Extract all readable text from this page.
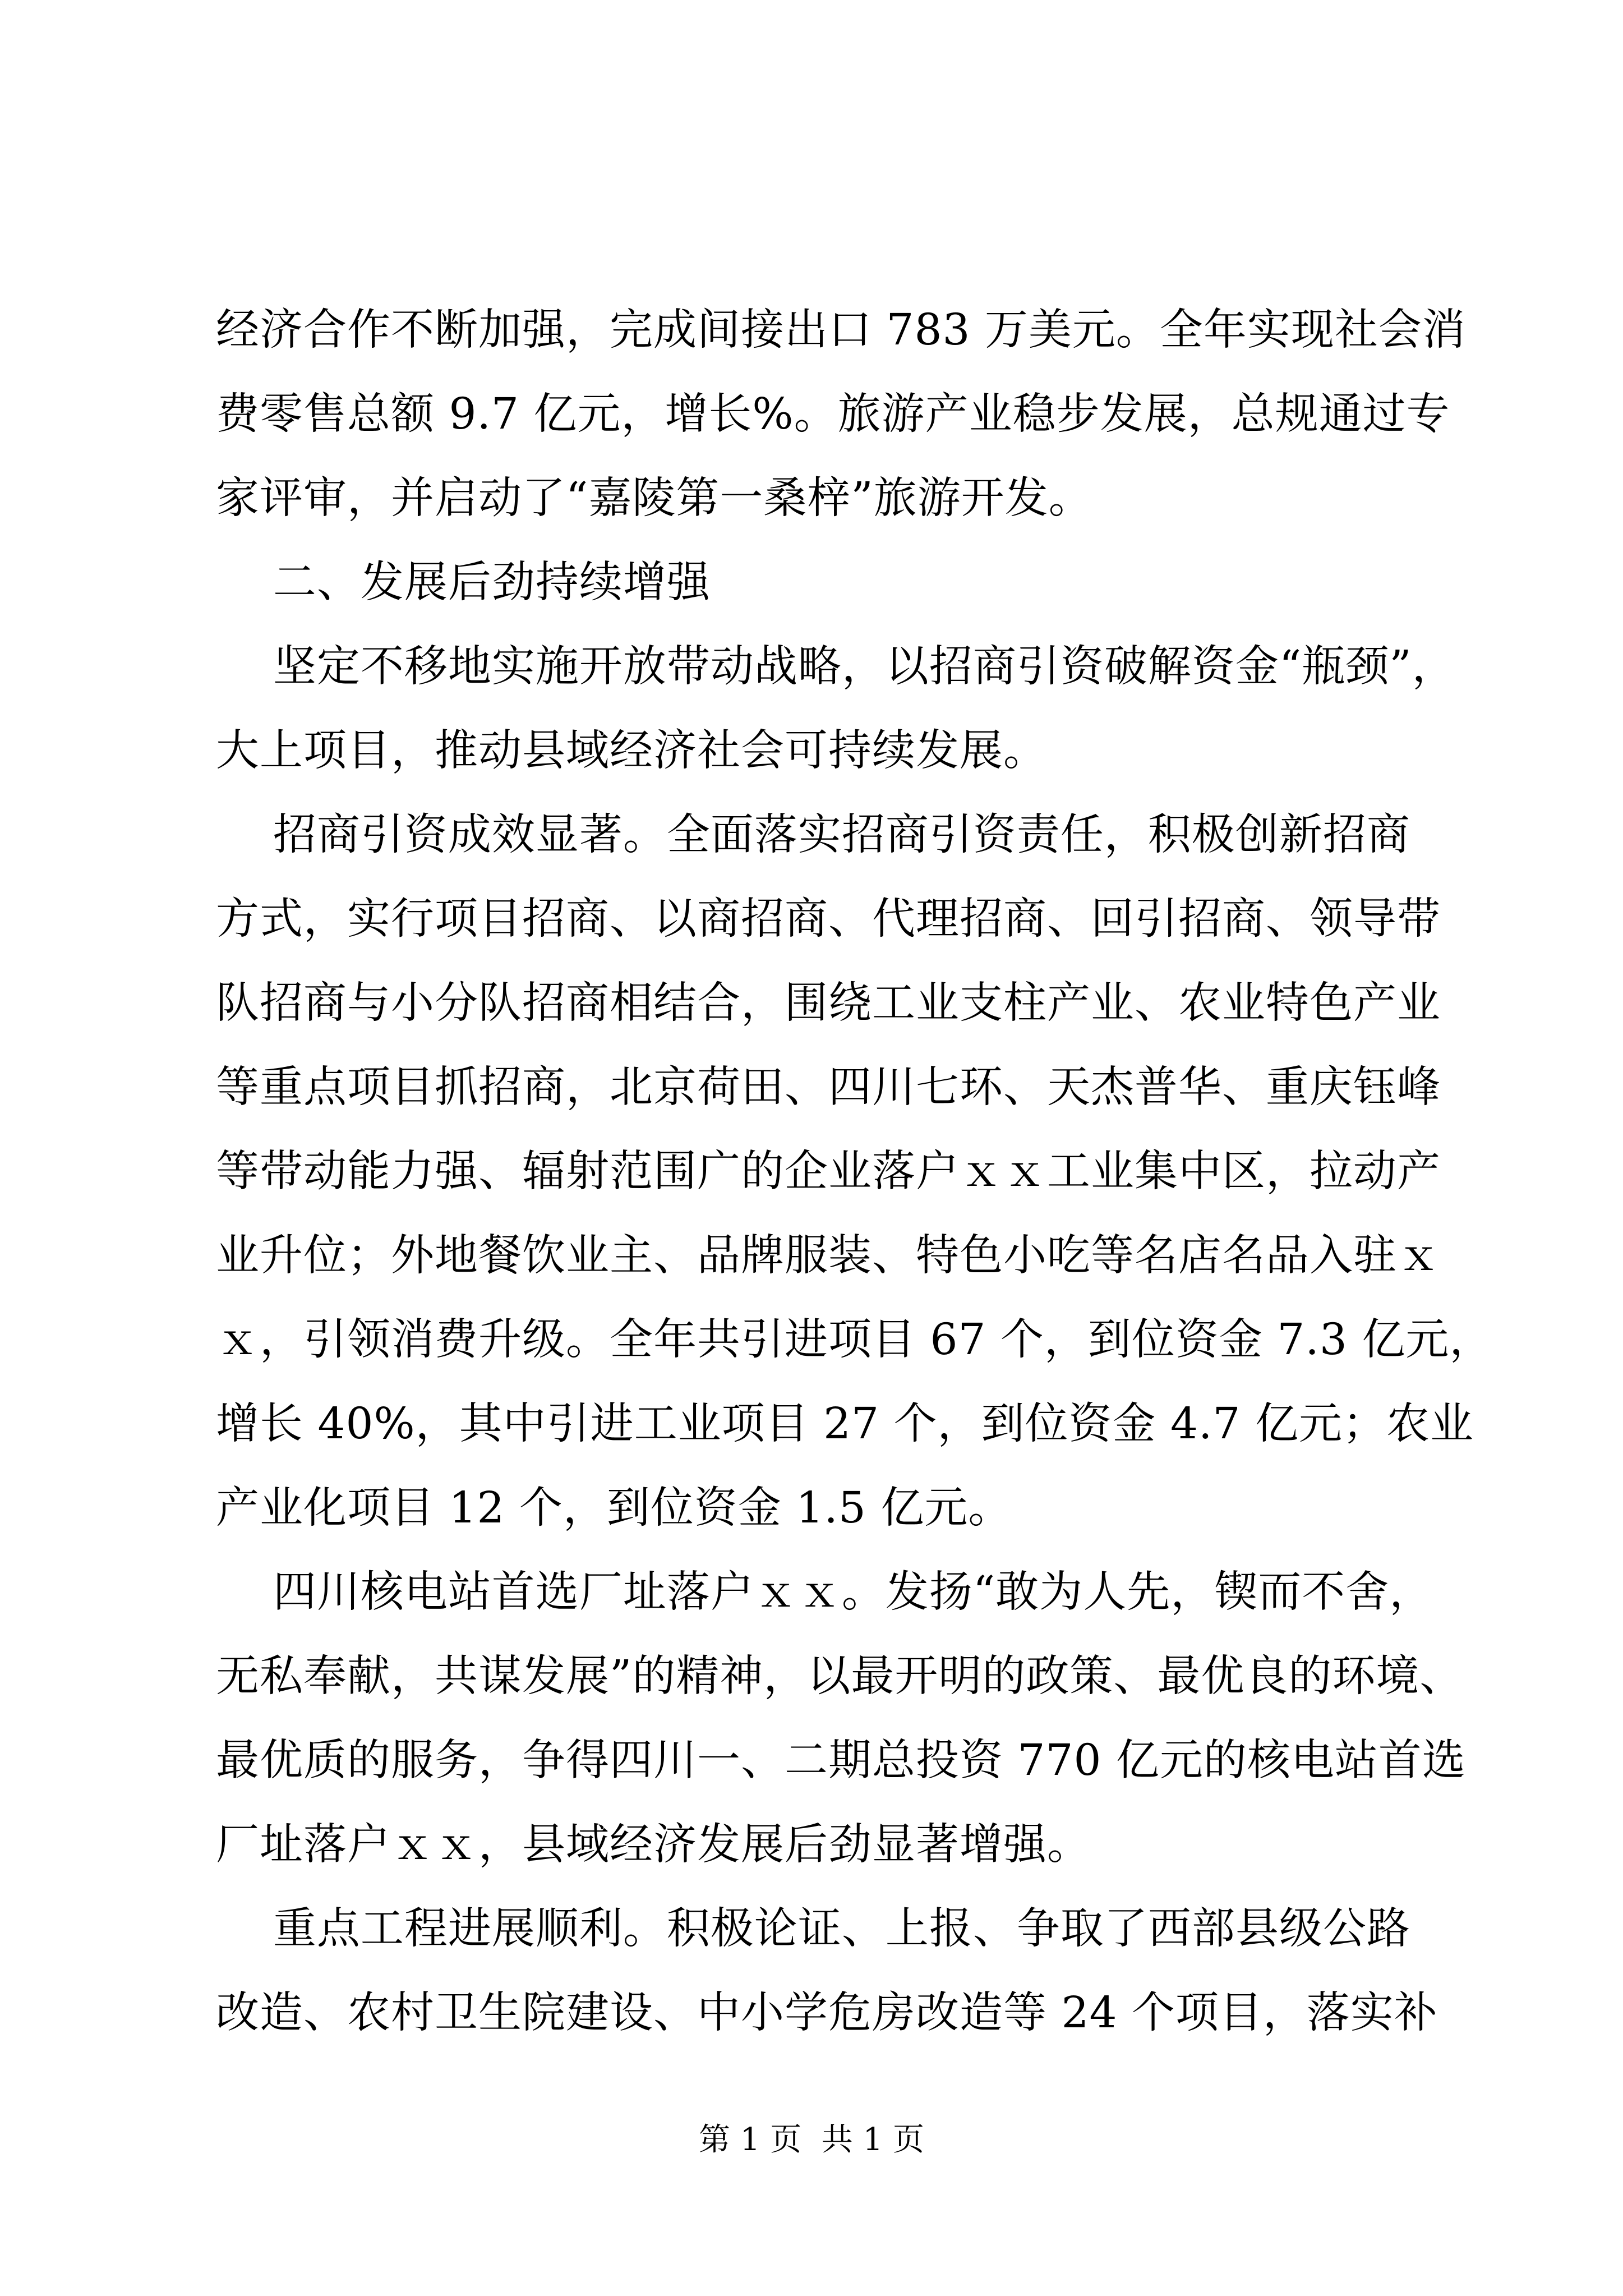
经济合作不断加强，完成间接出口 783 万美元。全年实现社会消
费零售总额 9.7 亿元，增长%。旅游产业稳步发展，总规通过专
家评审，并启动了“嘉陵第一桑梓”旅游开发。
二、发展后劲持续增强
坚定不移地实施开放带动战略，以招商引资破解资金“瓶颈”，
大上项目，推动县域经济社会可持续发展。
招商引资成效显著。全面落实招商引资责任，积极创新招商
方式，实行项目招商、以商招商、代理招商、回引招商、领导带
队招商与小分队招商相结合，围绕工业支柱产业、农业特色产业
等重点项目抓招商，北京荷田、四川七环、天杰普华、重庆钰峰
等带动能力强、辐射范围广的企业落户ｘｘ工业集中区，拉动产
业升位；外地餐饮业主、品牌服装、特色小吃等名店名品入驻ｘ
ｘ，引领消费升级。全年共引进项目 67 个，到位资金 7.3 亿元，
增长 40%，其中引进工业项目 27 个，到位资金 4.7 亿元；农业
产业化项目 12 个，到位资金 1.5 亿元。
四川核电站首选厂址落户ｘｘ。发扬“敢为人先，锲而不舍，
无私奉献，共谋发展”的精神，以最开明的政策、最优良的环境、
最优质的服务，争得四川一、二期总投资 770 亿元的核电站首选
厂址落户ｘｘ，县域经济发展后劲显著增强。
重点工程进展顺利。积极论证、上报、争取了西部县级公路
改造、农村卫生院建设、中小学危房改造等 24 个项目，落实补
第 1 页  共 1 页
